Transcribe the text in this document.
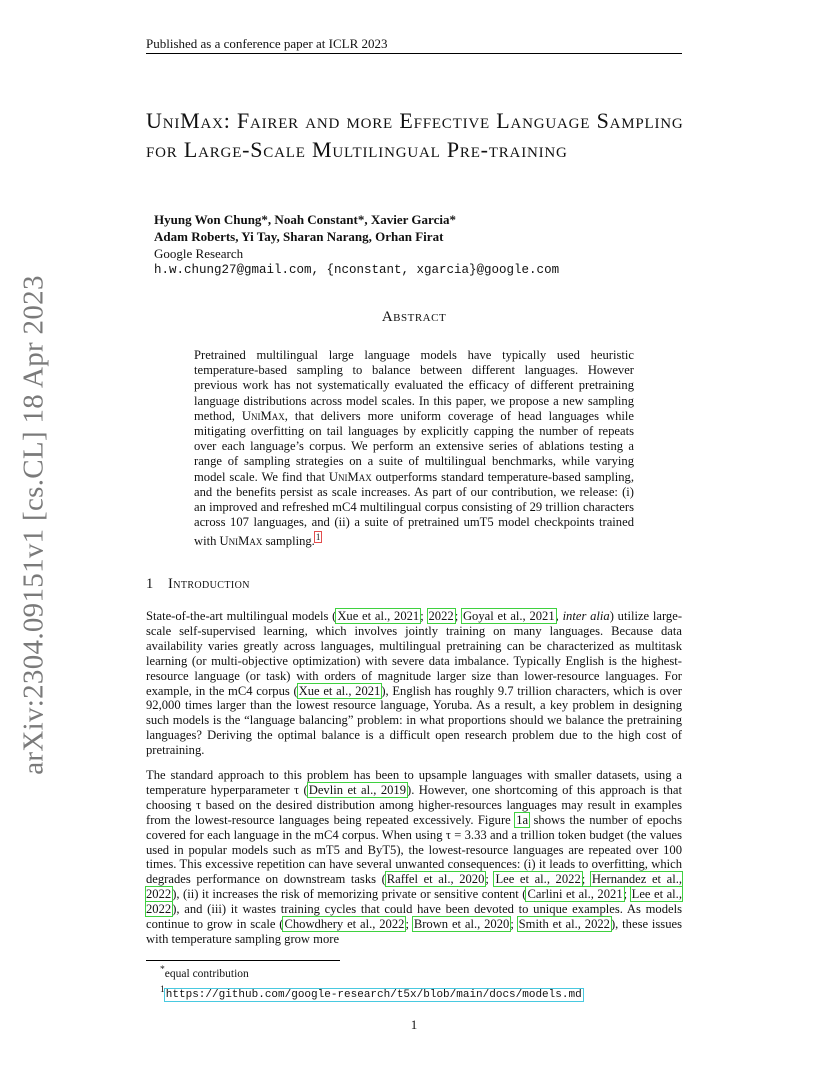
Published as a conference paper at ICLR 2023
arXiv:2304.09151v1 [cs.CL] 18 Apr 2023
UniMax: Fairer and more Effective Language Sampling for Large-Scale Multilingual Pre-training
Hyung Won Chung*, Noah Constant*, Xavier Garcia*
Adam Roberts, Yi Tay, Sharan Narang, Orhan Firat
Google Research
h.w.chung27@gmail.com, {nconstant, xgarcia}@google.com
Abstract
Pretrained multilingual large language models have typically used heuristic temperature-based sampling to balance between different languages. However previous work has not systematically evaluated the efficacy of different pretraining language distributions across model scales. In this paper, we propose a new sampling method, UniMax, that delivers more uniform coverage of head languages while mitigating overfitting on tail languages by explicitly capping the number of repeats over each language’s corpus. We perform an extensive series of ablations testing a range of sampling strategies on a suite of multilingual benchmarks, while varying model scale. We find that UniMax outperforms standard temperature-based sampling, and the benefits persist as scale increases. As part of our contribution, we release: (i) an improved and refreshed mC4 multilingual corpus consisting of 29 trillion characters across 107 languages, and (ii) a suite of pretrained umT5 model checkpoints trained with UniMax sampling.$^1$
1 Introduction
State-of-the-art multilingual models (Xue et al., 2021; 2022; Goyal et al., 2021, inter alia) utilize large-scale self-supervised learning, which involves jointly training on many languages. Because data availability varies greatly across languages, multilingual pretraining can be characterized as multitask learning (or multi-objective optimization) with severe data imbalance. Typically English is the highest-resource language (or task) with orders of magnitude larger size than lower-resource languages. For example, in the mC4 corpus (Xue et al., 2021), English has roughly 9.7 trillion characters, which is over 92,000 times larger than the lowest resource language, Yoruba. As a result, a key problem in designing such models is the “language balancing” problem: in what proportions should we balance the pretraining languages? Deriving the optimal balance is a difficult open research problem due to the high cost of pretraining.
The standard approach to this problem has been to upsample languages with smaller datasets, using a temperature hyperparameter τ (Devlin et al., 2019). However, one shortcoming of this approach is that choosing τ based on the desired distribution among higher-resources languages may result in examples from the lowest-resource languages being repeated excessively. Figure 1a shows the number of epochs covered for each language in the mC4 corpus. When using τ = 3.33 and a trillion token budget (the values used in popular models such as mT5 and ByT5), the lowest-resource languages are repeated over 100 times. This excessive repetition can have several unwanted consequences: (i) it leads to overfitting, which degrades performance on downstream tasks (Raffel et al., 2020; Lee et al., 2022; Hernandez et al., 2022), (ii) it increases the risk of memorizing private or sensitive content (Carlini et al., 2021; Lee et al., 2022), and (iii) it wastes training cycles that could have been devoted to unique examples. As models continue to grow in scale (Chowdhery et al., 2022; Brown et al., 2020; Smith et al., 2022), these issues with temperature sampling grow more
*equal contribution
$^1$https://github.com/google-research/t5x/blob/main/docs/models.md
1
